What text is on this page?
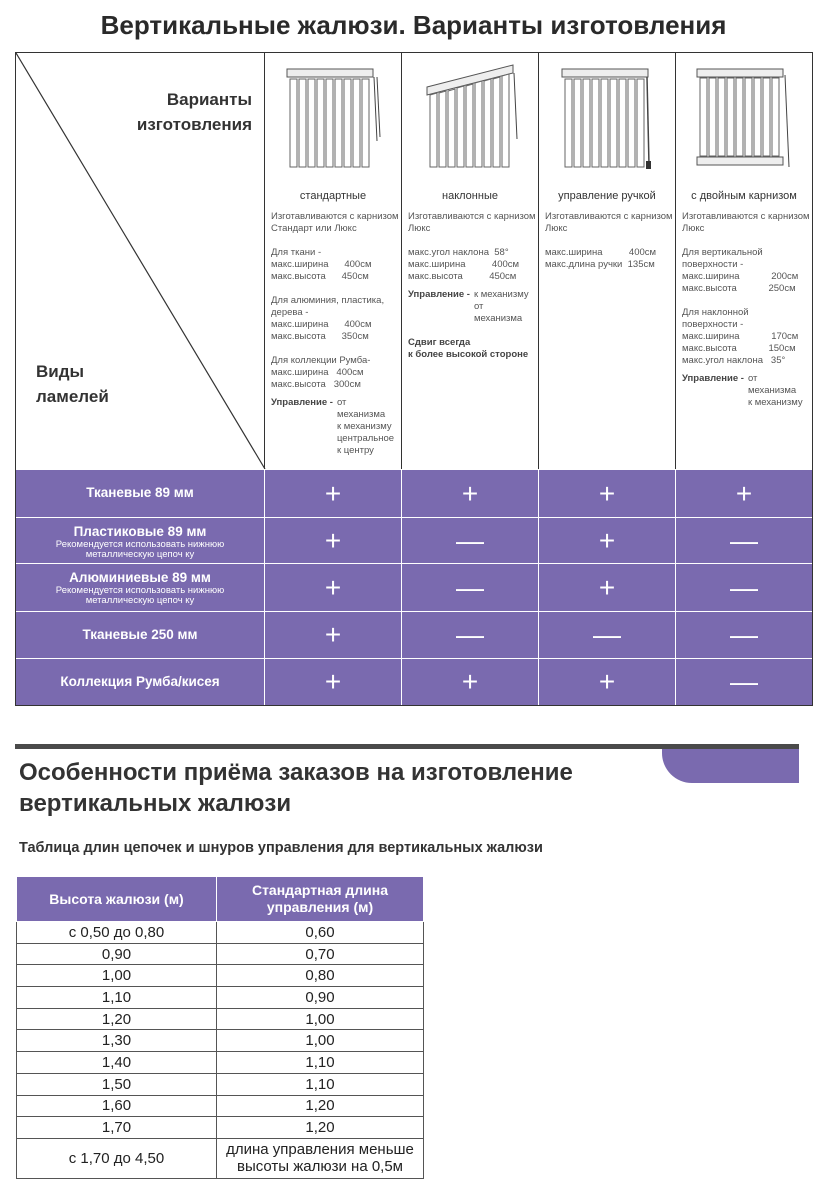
Вертикальные жалюзи. Варианты изготовления
Варианты
изготовления
Виды
ламелей
стандартные
Изготавливаются с карнизом
Стандарт или Люкс
Для ткани -
макс.ширина      400см
макс.высота      450см
Для алюминия, пластика,
дерева -
макс.ширина      400см
макс.высота      350см
Для коллекции Румба-
макс.ширина   400см
макс.высота   300см
Управление - от механизма
к механизму
центральное
к центру
наклонные
Изготавливаются с карнизом
Люкс
макс.угол наклона  58°
макс.ширина          400см
макс.высота          450см
Управление - к механизму
от механизма
Сдвиг всегда
к более высокой стороне
управление ручкой
Изготавливаются с карнизом
Люкс
макс.ширина          400см
макс.длина ручки  135см
с двойным карнизом
Изготавливаются с карнизом
Люкс
Для вертикальной
поверхности -
макс.ширина            200см
макс.высота            250см
Для наклонной
поверхности -
макс.ширина            170см
макс.высота            150см
макс.угол наклона   35°
Управление - от механизма
к механизму
Тканевые 89 мм	+	+	+	+
Пластиковые 89 мм
Рекомендуется использовать нижнюю
металлическую цепоч ку	+	—	+	—
Алюминиевые 89 мм
Рекомендуется использовать нижнюю
металлическую цепоч ку	+	—	+	—
Тканевые 250 мм	+	—	—	—
Коллекция Румба/кисея	+	+	+	—
Особенности приёма заказов на изготовление
вертикальных жалюзи
Таблица длин цепочек и шнуров управления для вертикальных жалюзи
Высота жалюзи (м)	Стандартная длина
управления (м)
с 0,50 до 0,80	0,60
0,90	0,70
1,00	0,80
1,10	0,90
1,20	1,00
1,30	1,00
1,40	1,10
1,50	1,10
1,60	1,20
1,70	1,20
с 1,70 до 4,50	длина управления меньше
высоты жалюзи на 0,5м
